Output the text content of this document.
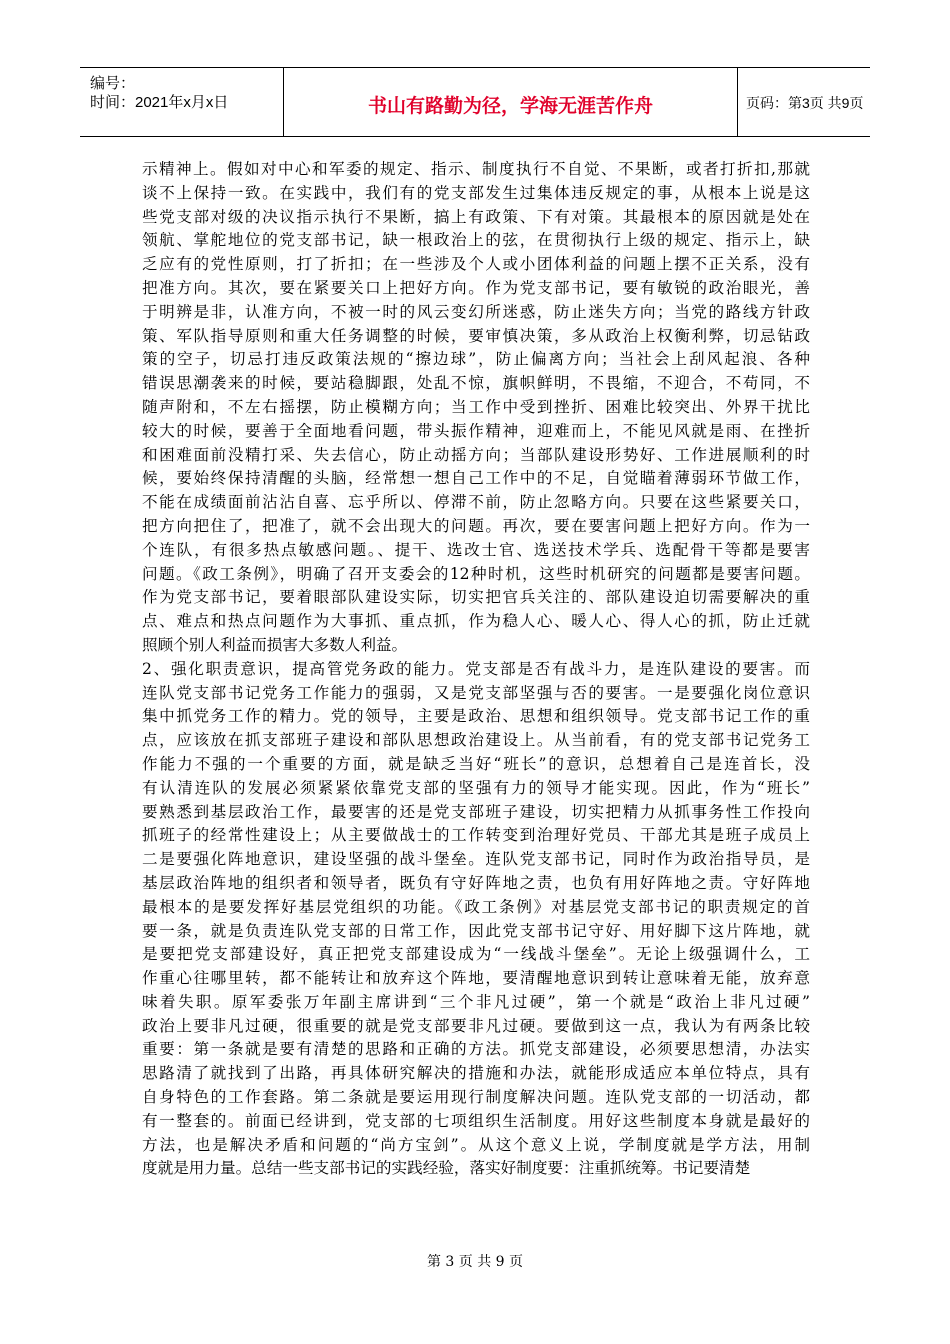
编号：
时间：2021年x月x日	书山有路勤为径，学海无涯苦作舟	页码：第3页 共9页
示精神上。假如对中心和军委的规定、指示、制度执行不自觉、不果断，或者打折扣,那就
谈不上保持一致。在实践中，我们有的党支部发生过集体违反规定的事，从根本上说是这
些党支部对级的决议指示执行不果断，搞上有政策、下有对策。其最根本的原因就是处在
领航、掌舵地位的党支部书记，缺一根政治上的弦，在贯彻执行上级的规定、指示上，缺
乏应有的党性原则，打了折扣；在一些涉及个人或小团体利益的问题上摆不正关系，没有
把准方向。其次，要在紧要关口上把好方向。作为党支部书记，要有敏锐的政治眼光，善
于明辨是非，认准方向，不被一时的风云变幻所迷惑，防止迷失方向；当党的路线方针政
策、军队指导原则和重大任务调整的时候，要审慎决策，多从政治上权衡利弊，切忌钻政
策的空子，切忌打违反政策法规的“擦边球”，防止偏离方向；当社会上刮风起浪、各种
错误思潮袭来的时候，要站稳脚跟，处乱不惊，旗帜鲜明，不畏缩，不迎合，不苟同，不
随声附和，不左右摇摆，防止模糊方向；当工作中受到挫折、困难比较突出、外界干扰比
较大的时候，要善于全面地看问题，带头振作精神，迎难而上，不能见风就是雨、在挫折
和困难面前没精打采、失去信心，防止动摇方向；当部队建设形势好、工作进展顺利的时
候，要始终保持清醒的头脑，经常想一想自己工作中的不足，自觉瞄着薄弱环节做工作，
不能在成绩面前沾沾自喜、忘乎所以、停滞不前，防止忽略方向。只要在这些紧要关口，
把方向把住了，把准了，就不会出现大的问题。再次，要在要害问题上把好方向。作为一
个连队，有很多热点敏感问题。、提干、选改士官、选送技术学兵、选配骨干等都是要害
问题。《政工条例》，明确了召开支委会的12种时机，这些时机研究的问题都是要害问题。
作为党支部书记，要着眼部队建设实际，切实把官兵关注的、部队建设迫切需要解决的重
点、难点和热点问题作为大事抓、重点抓，作为稳人心、暖人心、得人心的抓，防止迁就
照顾个别人利益而损害大多数人利益。
2、强化职责意识，提高管党务政的能力。党支部是否有战斗力，是连队建设的要害。而
连队党支部书记党务工作能力的强弱，又是党支部坚强与否的要害。一是要强化岗位意识
集中抓党务工作的精力。党的领导，主要是政治、思想和组织领导。党支部书记工作的重
点，应该放在抓支部班子建设和部队思想政治建设上。从当前看，有的党支部书记党务工
作能力不强的一个重要的方面，就是缺乏当好“班长”的意识，总想着自己是连首长，没
有认清连队的发展必须紧紧依靠党支部的坚强有力的领导才能实现。因此，作为“班长”
要熟悉到基层政治工作，最要害的还是党支部班子建设，切实把精力从抓事务性工作投向
抓班子的经常性建设上；从主要做战士的工作转变到治理好党员、干部尤其是班子成员上
二是要强化阵地意识，建设坚强的战斗堡垒。连队党支部书记，同时作为政治指导员，是
基层政治阵地的组织者和领导者，既负有守好阵地之责，也负有用好阵地之责。守好阵地
最根本的是要发挥好基层党组织的功能。《政工条例》对基层党支部书记的职责规定的首
要一条，就是负责连队党支部的日常工作，因此党支部书记守好、用好脚下这片阵地，就
是要把党支部建设好，真正把党支部建设成为“一线战斗堡垒”。无论上级强调什么，工
作重心往哪里转，都不能转让和放弃这个阵地，要清醒地意识到转让意味着无能，放弃意
味着失职。原军委张万年副主席讲到“三个非凡过硬”，第一个就是“政治上非凡过硬”
政治上要非凡过硬，很重要的就是党支部要非凡过硬。要做到这一点，我认为有两条比较
重要：第一条就是要有清楚的思路和正确的方法。抓党支部建设，必须要思想清，办法实
思路清了就找到了出路，再具体研究解决的措施和办法，就能形成适应本单位特点，具有
自身特色的工作套路。第二条就是要运用现行制度解决问题。连队党支部的一切活动，都
有一整套的。前面已经讲到，党支部的七项组织生活制度。用好这些制度本身就是最好的
方法，也是解决矛盾和问题的“尚方宝剑”。从这个意义上说，学制度就是学方法，用制
度就是用力量。总结一些支部书记的实践经验，落实好制度要：注重抓统筹。书记要清楚
第 3 页 共 9 页
